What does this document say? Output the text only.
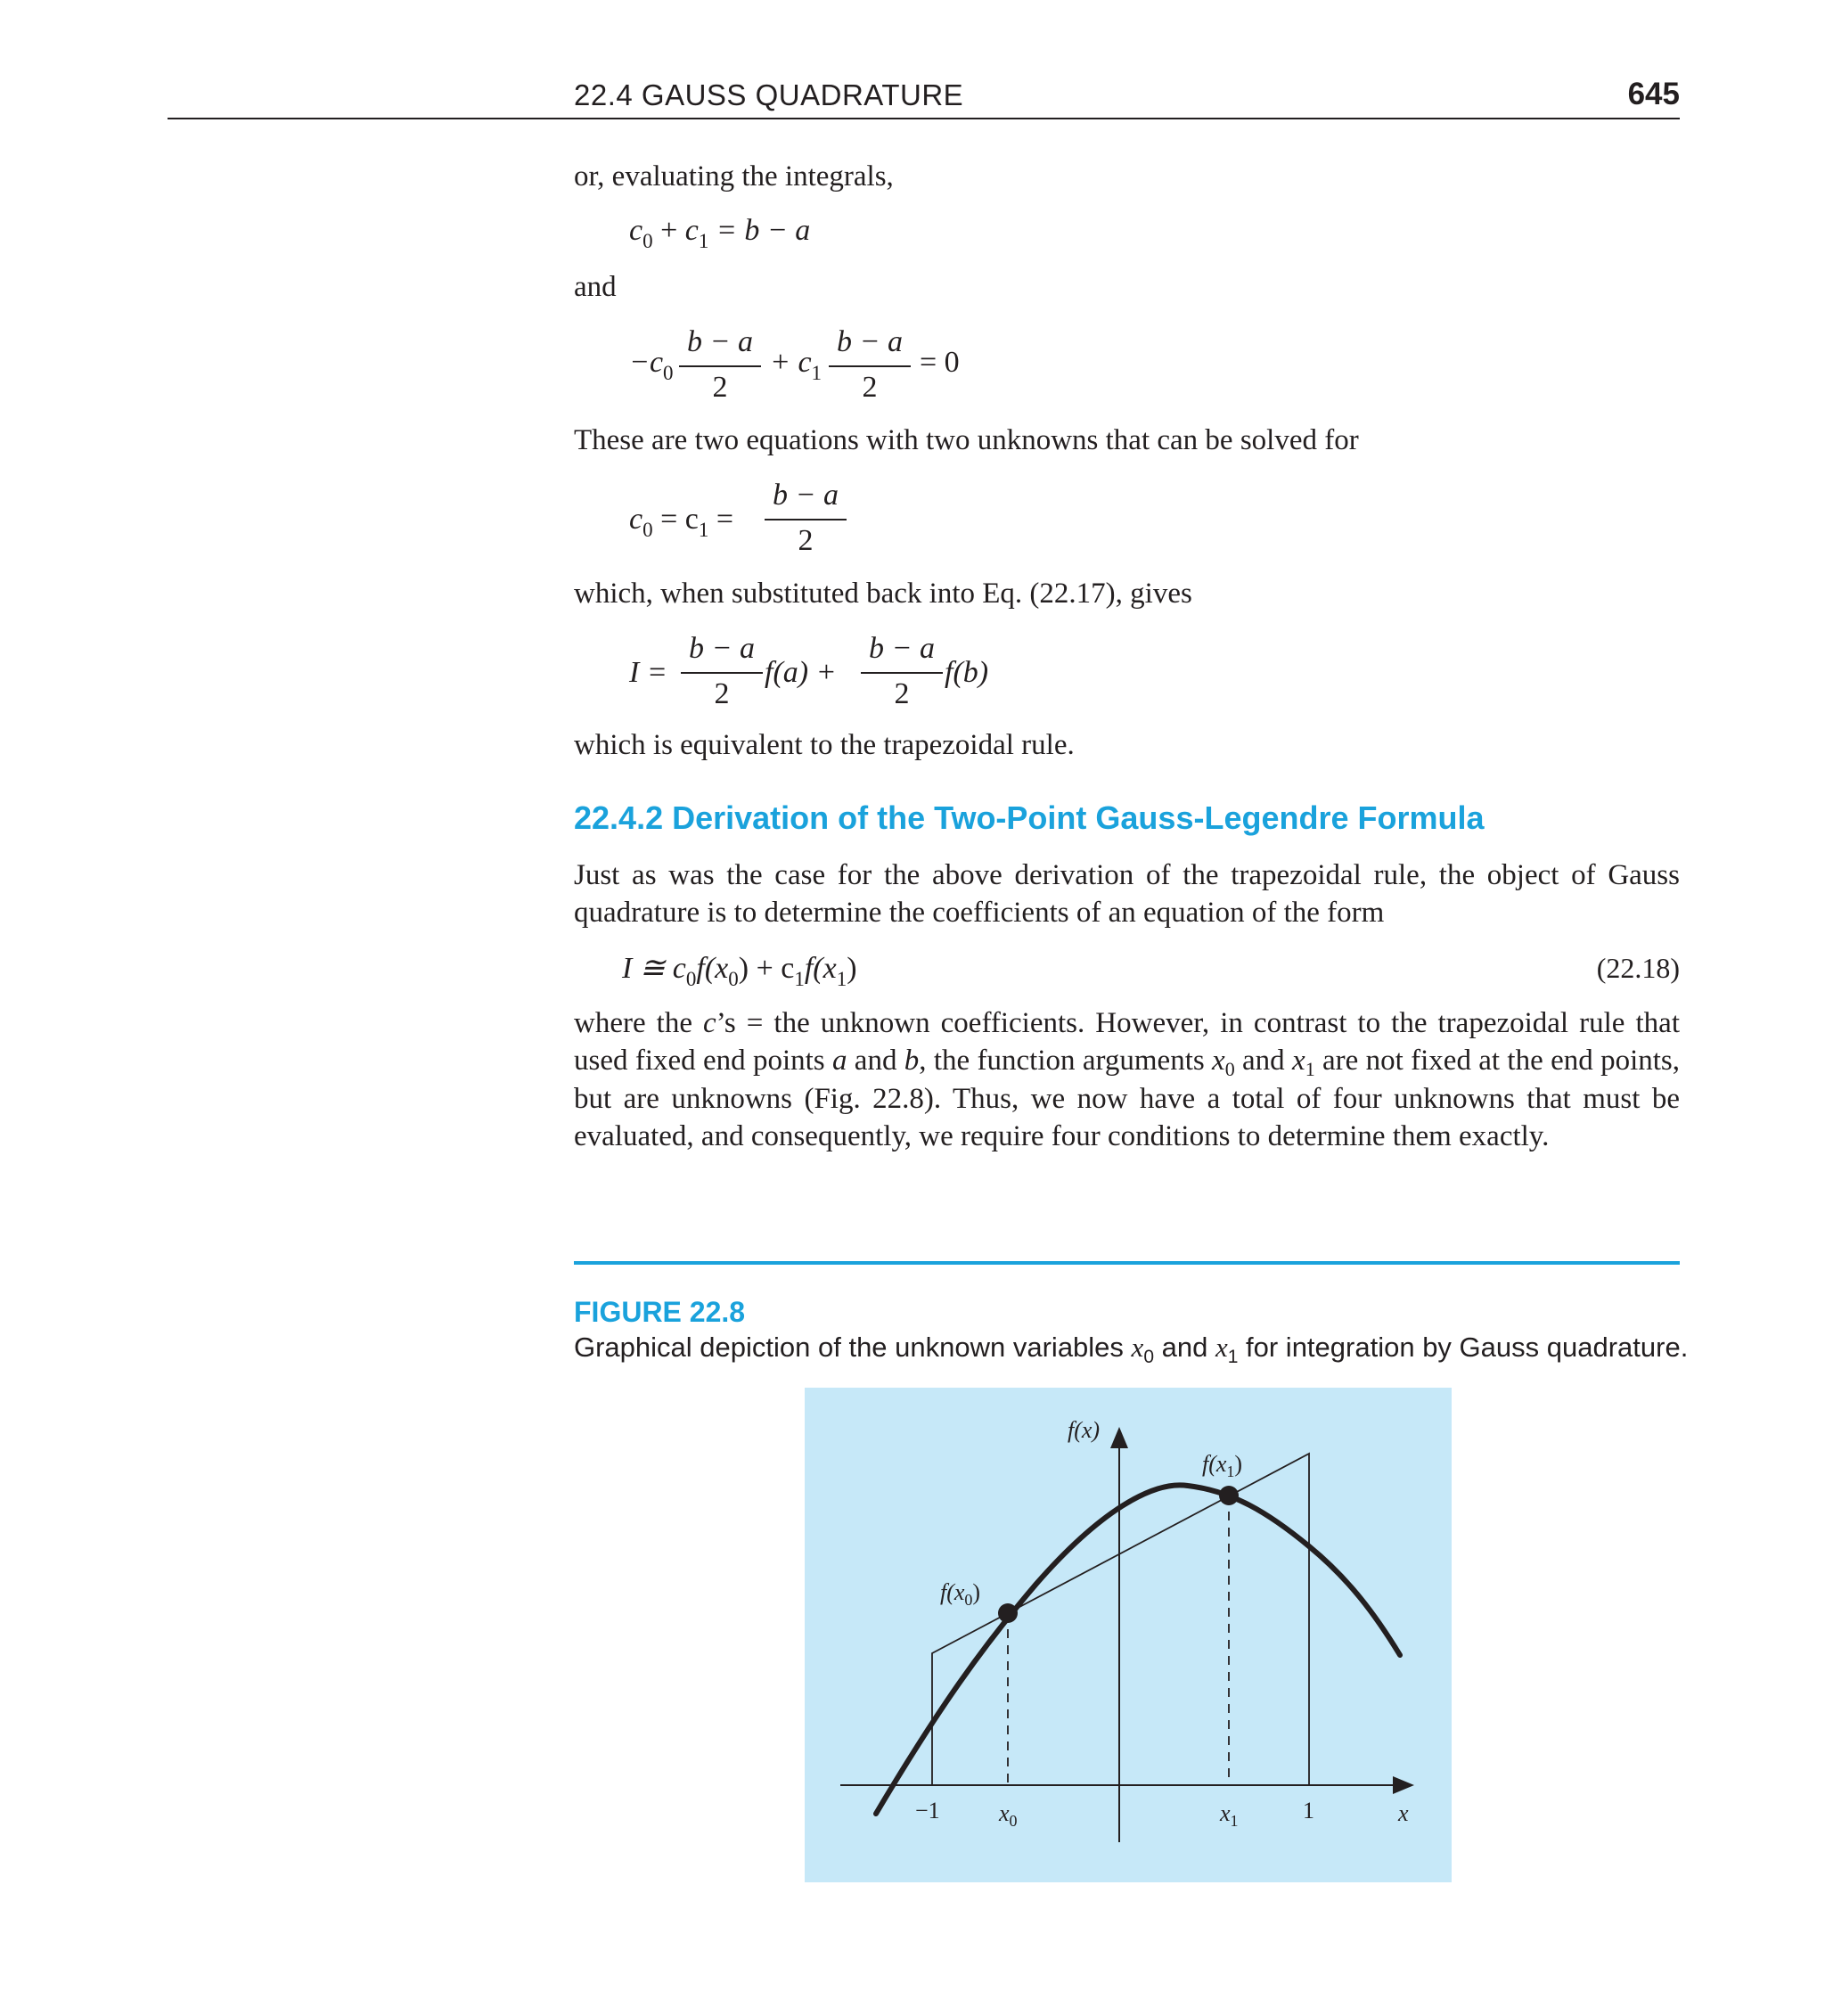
22.4 GAUSS QUADRATURE	645
or, evaluating the integrals,
$c_0 + c_1 = b - a$
and
$-c_0 \frac{b - a}{2} + c_1 \frac{b - a}{2} = 0$
These are two equations with two unknowns that can be solved for
$c_0 = c_1 = \frac{b - a}{2}$
which, when substituted back into Eq. (22.17), gives
$I = \frac{b - a}{2} f(a) + \frac{b - a}{2} f(b)$
which is equivalent to the trapezoidal rule.
22.4.2 Derivation of the Two-Point Gauss-Legendre Formula
Just as was the case for the above derivation of the trapezoidal rule, the object of Gauss quadrature is to determine the coefficients of an equation of the form
I ≅ $c_0f(x_0) + c_1f(x_1)$	(22.18)
where the c’s = the unknown coefficients. However, in contrast to the trapezoidal rule that used fixed end points a and b, the function arguments $x_0$ and $x_1$ are not fixed at the end points, but are unknowns (Fig. 22.8). Thus, we now have a total of four unknowns that must be evaluated, and consequently, we require four conditions to determine them exactly.
FIGURE 22.8
Graphical depiction of the unknown variables $x_0$ and $x_1$ for integration by Gauss quadrature.
f(x)
$f(x_1)$
$f(x_0)$
−1	1
$x_0$	$x_1$	x
